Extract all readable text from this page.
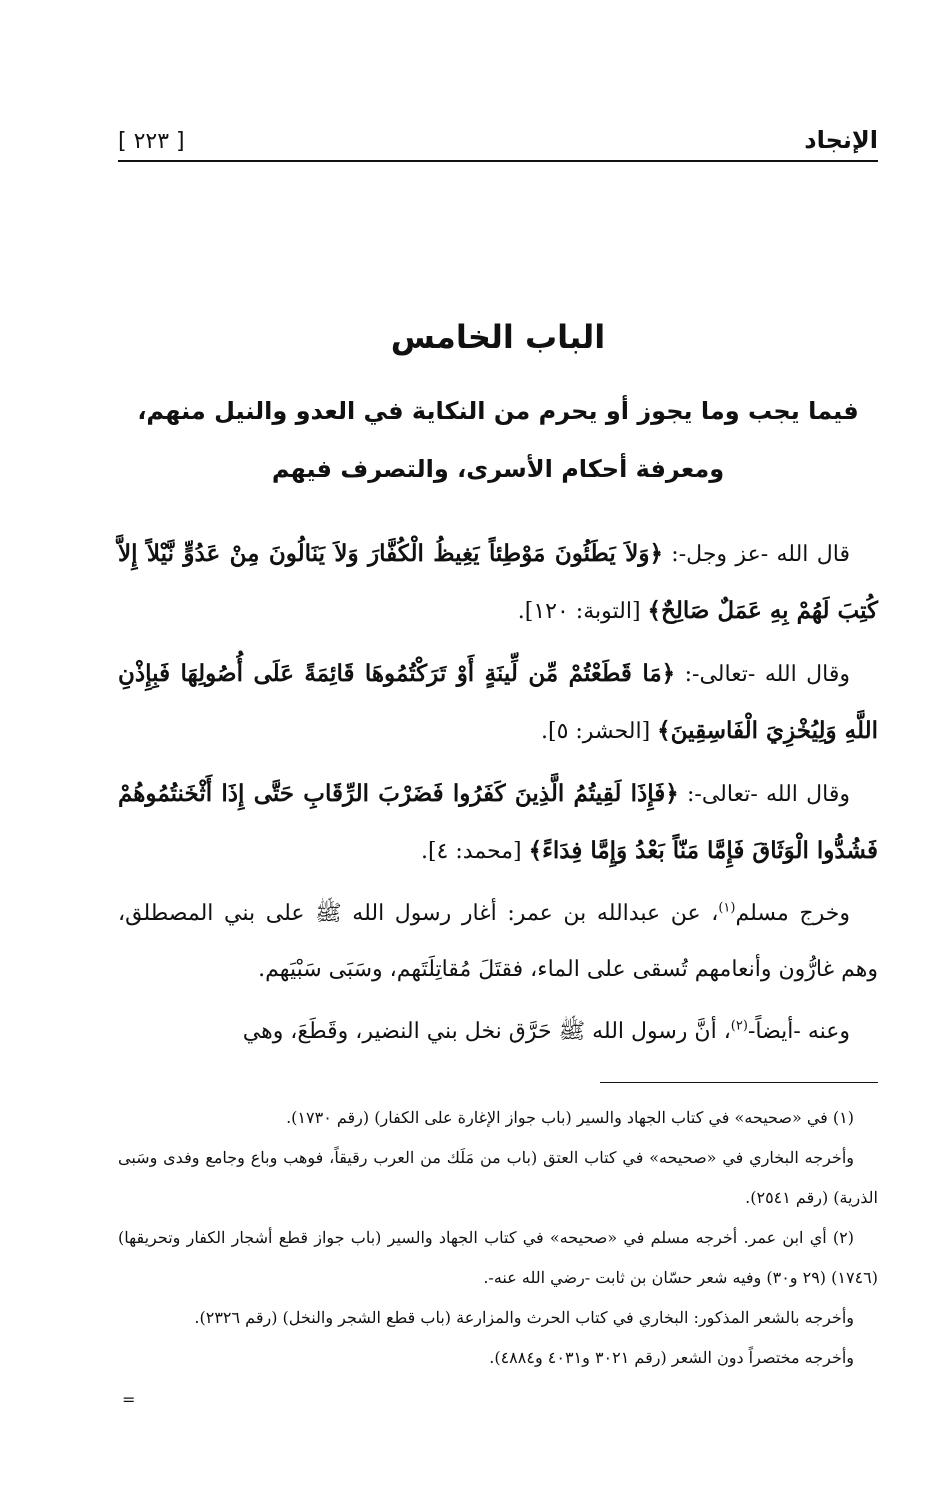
الإنجاد
[ ٢٢٣ ]
الباب الخامس
فيما يجب وما يجوز أو يحرم من النكاية في العدو والنيل منهم،
ومعرفة أحكام الأسرى، والتصرف فيهم

قال الله -عز وجل-: ﴿وَلاَ يَطَئُونَ مَوْطِئاً يَغِيظُ الْكُفَّارَ وَلاَ يَنَالُونَ مِنْ عَدُوٍّ نَّيْلاً إِلاَّ كُتِبَ لَهُمْ بِهِ عَمَلٌ صَالِحٌ﴾ [التوبة: ١٢٠].

وقال الله -تعالى-: ﴿مَا قَطَعْتُمْ مِّن لِّينَةٍ أَوْ تَرَكْتُمُوهَا قَائِمَةً عَلَى أُصُولِهَا فَبِإِذْنِ اللَّهِ وَلِيُخْزِيَ الْفَاسِقِينَ﴾ [الحشر: ٥].

وقال الله -تعالى-: ﴿فَإِذَا لَقِيتُمُ الَّذِينَ كَفَرُوا فَضَرْبَ الرِّقَابِ حَتَّى إِذَا أَثْخَنتُمُوهُمْ فَشُدُّوا الْوَثَاقَ فَإِمَّا مَنّاً بَعْدُ وَإِمَّا فِدَاءً﴾ [محمد: ٤].

وخرج مسلم$^{(١)}$، عن عبدالله بن عمر: أغار رسول الله ﷺ على بني المصطلق، وهم غارُّون وأنعامهم تُسقى على الماء، فقتَلَ مُقاتِلَتَهم، وسَبَى سَبْيَهم.

وعنه -أيضاً-$^{(٢)}$، أنَّ رسول الله ﷺ حَرَّق نخل بني النضير، وقَطَعَ، وهي

(١) في «صحيحه» في كتاب الجهاد والسير (باب جواز الإغارة على الكفار) (رقم ١٧٣٠).

وأخرجه البخاري في «صحيحه» في كتاب العتق (باب من مَلَك من العرب رقيقاً، فوهب وباع وجامع وفدى وسَبى الذرية) (رقم ٢٥٤١).

(٢) أي ابن عمر. أخرجه مسلم في «صحيحه» في كتاب الجهاد والسير (باب جواز قطع أشجار الكفار وتحريقها) (١٧٤٦) (٢٩ و٣٠) وفيه شعر حسّان بن ثابت -رضي الله عنه-.

وأخرجه بالشعر المذكور: البخاري في كتاب الحرث والمزارعة (باب قطع الشجر والنخل) (رقم ٢٣٢٦).

وأخرجه مختصراً دون الشعر (رقم ٣٠٢١ و٤٠٣١ و٤٨٨٤).

=
